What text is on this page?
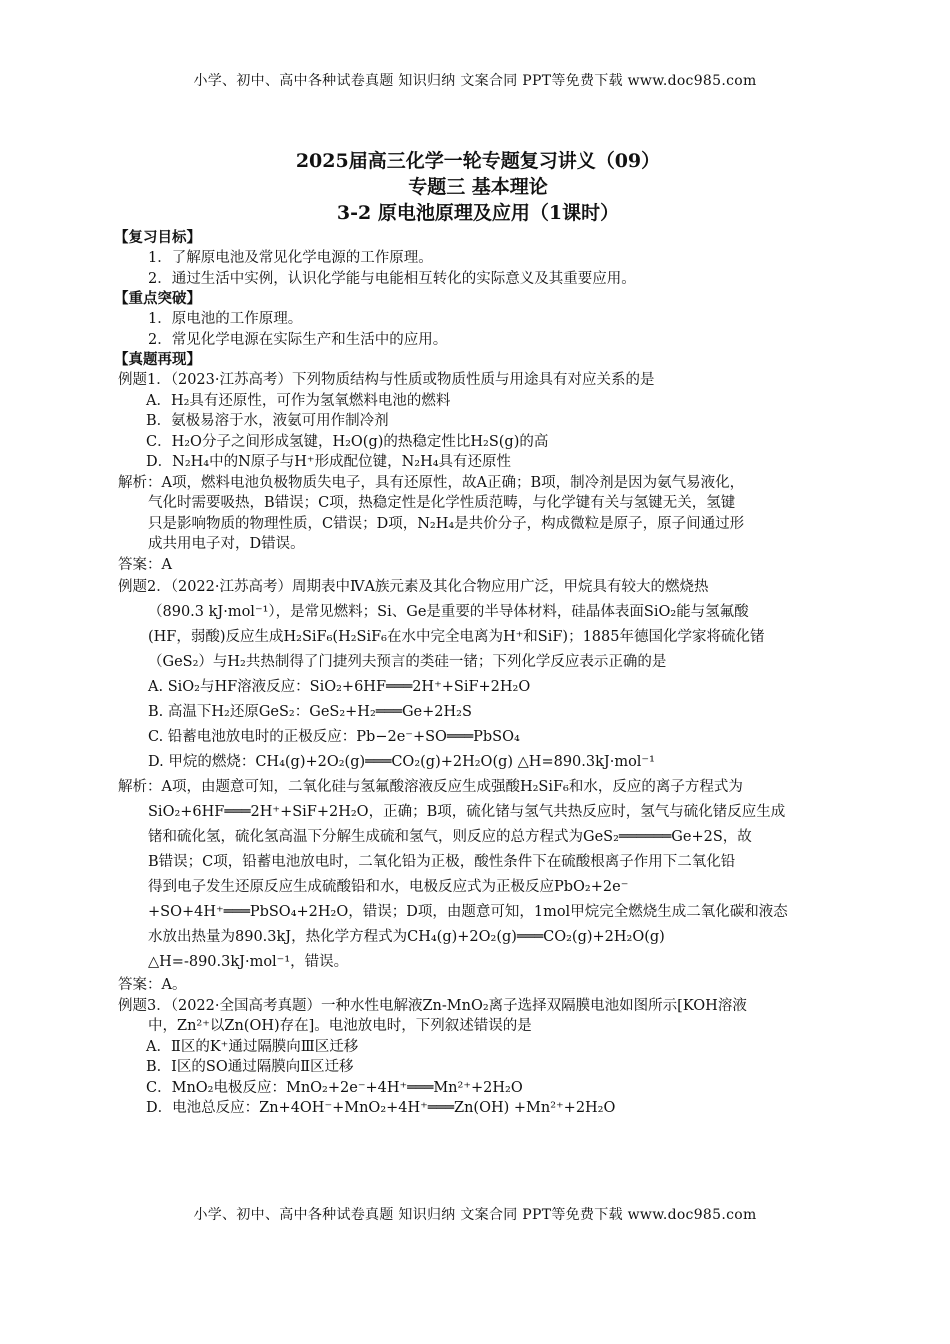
小学、初中、高中各种试卷真题 知识归纳 文案合同 PPT等免费下载 www.doc985.com
2025届高三化学一轮专题复习讲义（09）
专题三 基本理论
3-2 原电池原理及应用（1课时）
【复习目标】
1．了解原电池及常见化学电源的工作原理。
2．通过生活中实例，认识化学能与电能相互转化的实际意义及其重要应用。
【重点突破】
1．原电池的工作原理。
2．常见化学电源在实际生产和生活中的应用。
【真题再现】
例题1．（2023·江苏高考）下列物质结构与性质或物质性质与用途具有对应关系的是
A．H₂具有还原性，可作为氢氧燃料电池的燃料
B．氨极易溶于水，液氨可用作制冷剂
C．H₂O分子之间形成氢键，H₂O(g)的热稳定性比H₂S(g)的高
D．N₂H₄中的N原子与H⁺形成配位键，N₂H₄具有还原性
解析：A项，燃料电池负极物质失电子，具有还原性，故A正确；B项，制冷剂是因为氨气易液化，
气化时需要吸热，B错误；C项，热稳定性是化学性质范畴，与化学键有关与氢键无关，氢键
只是影响物质的物理性质，C错误；D项，N₂H₄是共价分子，构成微粒是原子，原子间通过形
成共用电子对，D错误。
答案：A
例题2．（2022·江苏高考）周期表中ⅣA族元素及其化合物应用广泛，甲烷具有较大的燃烧热
（890.3 kJ·mol⁻¹），是常见燃料；Si、Ge是重要的半导体材料，硅晶体表面SiO₂能与氢氟酸
(HF，弱酸)反应生成H₂SiF₆(H₂SiF₆在水中完全电离为H⁺和SiF)；1885年德国化学家将硫化锗
（GeS₂）与H₂共热制得了门捷列夫预言的类硅一锗；下列化学反应表示正确的是
A. SiO₂与HF溶液反应：SiO₂+6HF═══2H⁺+SiF+2H₂O
B. 高温下H₂还原GeS₂：GeS₂+H₂═══Ge+2H₂S
C. 铅蓄电池放电时的正极反应：Pb−2e⁻+SO═══PbSO₄
D. 甲烷的燃烧：CH₄(g)+2O₂(g)═══CO₂(g)+2H₂O(g) △H=890.3kJ·mol⁻¹
解析：A项，由题意可知，二氧化硅与氢氟酸溶液反应生成强酸H₂SiF₆和水，反应的离子方程式为
SiO₂+6HF═══2H⁺+SiF+2H₂O，正确；B项，硫化锗与氢气共热反应时，氢气与硫化锗反应生成
锗和硫化氢，硫化氢高温下分解生成硫和氢气，则反应的总方程式为GeS₂══════Ge+2S，故
B错误；C项，铅蓄电池放电时，二氧化铅为正极，酸性条件下在硫酸根离子作用下二氧化铅
得到电子发生还原反应生成硫酸铅和水，电极反应式为正极反应PbO₂+2e⁻
+SO+4H⁺═══PbSO₄+2H₂O，错误；D项，由题意可知，1mol甲烷完全燃烧生成二氧化碳和液态
水放出热量为890.3kJ，热化学方程式为CH₄(g)+2O₂(g)═══CO₂(g)+2H₂O(g)
△H=-890.3kJ·mol⁻¹，错误。
答案：A。
例题3．（2022·全国高考真题）一种水性电解液Zn-MnO₂离子选择双隔膜电池如图所示[KOH溶液
中，Zn²⁺以Zn(OH)存在]。电池放电时，下列叙述错误的是
A．Ⅱ区的K⁺通过隔膜向Ⅲ区迁移
B．Ⅰ区的SO通过隔膜向Ⅱ区迁移
C．MnO₂电极反应：MnO₂+2e⁻+4H⁺═══Mn²⁺+2H₂O
D．电池总反应：Zn+4OH⁻+MnO₂+4H⁺═══Zn(OH) +Mn²⁺+2H₂O
小学、初中、高中各种试卷真题 知识归纳 文案合同 PPT等免费下载 www.doc985.com
